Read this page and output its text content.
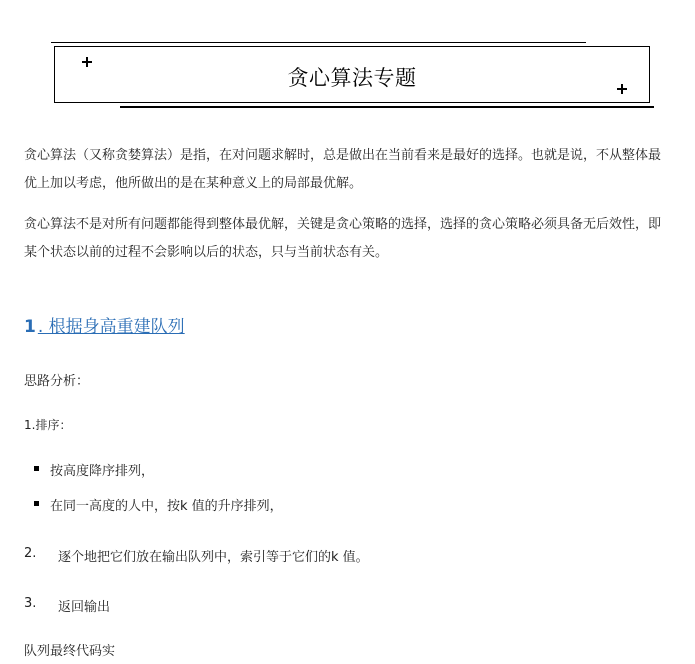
贪心算法专题
贪心算法（又称贪婪算法）是指，在对问题求解时，总是做出在当前看来是最好的选择。也就是说，不从整体最优上加以考虑，他所做出的是在某种意义上的局部最优解。
贪心算法不是对所有问题都能得到整体最优解，关键是贪心策略的选择，选择的贪心策略必须具备无后效性，即某个状态以前的过程不会影响以后的状态，只与当前状态有关。
1 . 根据身高重建队列
思路分析：
1.排序：
按高度降序排列，
在同一高度的人中，按k 值的升序排列，
2. 逐个地把它们放在输出队列中，索引等于它们的k 值。
3. 返回输出
队列最终代码实
